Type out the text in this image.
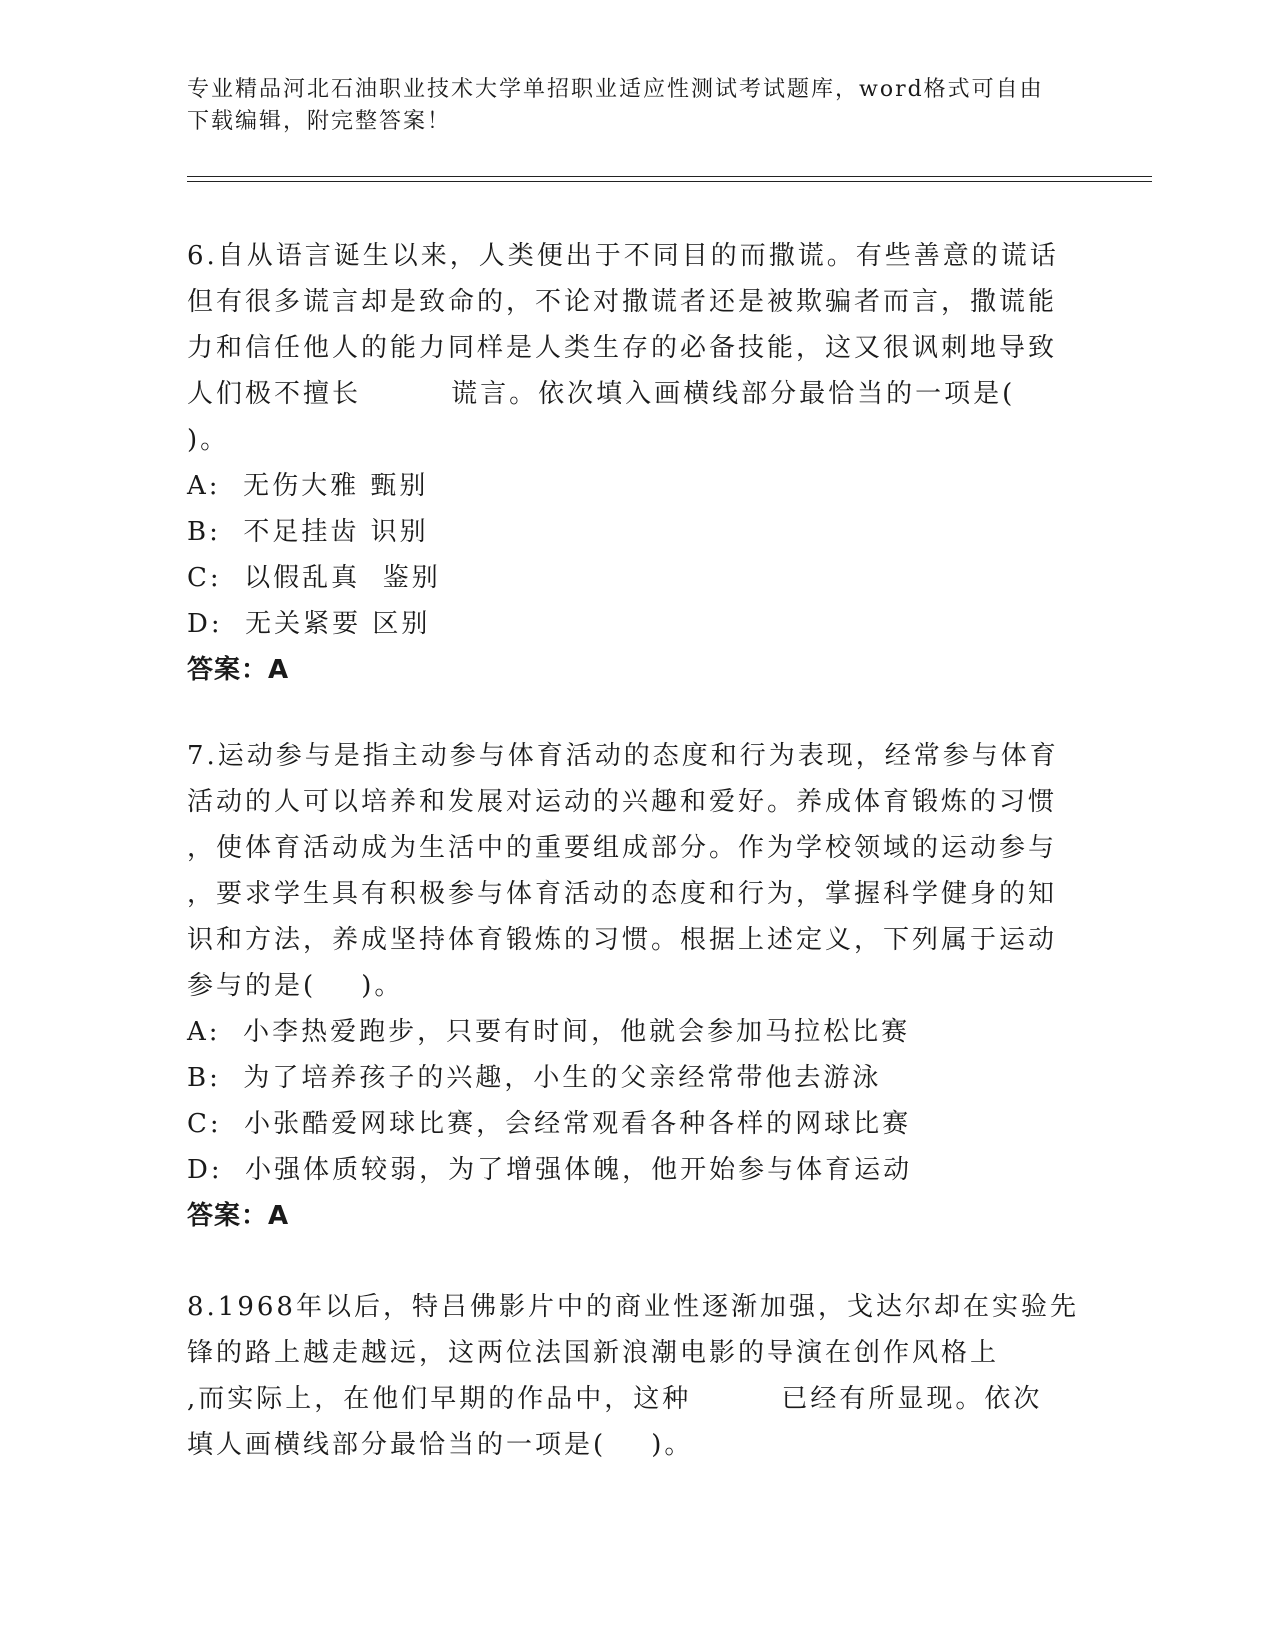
专业精品河北石油职业技术大学单招职业适应性测试考试题库，word格式可自由
下载编辑，附完整答案！

6.自从语言诞生以来，人类便出于不同目的而撒谎。有些善意的谎话

但有很多谎言却是致命的，不论对撒谎者还是被欺骗者而言，撒谎能

力和信任他人的能力同样是人类生存的必备技能，这又很讽刺地导致

人们极不擅长        谎言。依次填入画横线部分最恰当的一项是(

)。

A:  无伤大雅 甄别

B:  不足挂齿 识别

C:  以假乱真  鉴别

D:  无关紧要 区别

答案：A

7.运动参与是指主动参与体育活动的态度和行为表现，经常参与体育

活动的人可以培养和发展对运动的兴趣和爱好。养成体育锻炼的习惯

，使体育活动成为生活中的重要组成部分。作为学校领域的运动参与

，要求学生具有积极参与体育活动的态度和行为，掌握科学健身的知

识和方法，养成坚持体育锻炼的习惯。根据上述定义，下列属于运动

参与的是(    )。

A:  小李热爱跑步，只要有时间，他就会参加马拉松比赛

B:  为了培养孩子的兴趣，小生的父亲经常带他去游泳

C:  小张酷爱网球比赛，会经常观看各种各样的网球比赛

D:  小强体质较弱，为了增强体魄，他开始参与体育运动

答案：A

8.1968年以后，特吕佛影片中的商业性逐渐加强，戈达尔却在实验先

锋的路上越走越远，这两位法国新浪潮电影的导演在创作风格上

,而实际上，在他们早期的作品中，这种        已经有所显现。依次

填人画横线部分最恰当的一项是(    )。
